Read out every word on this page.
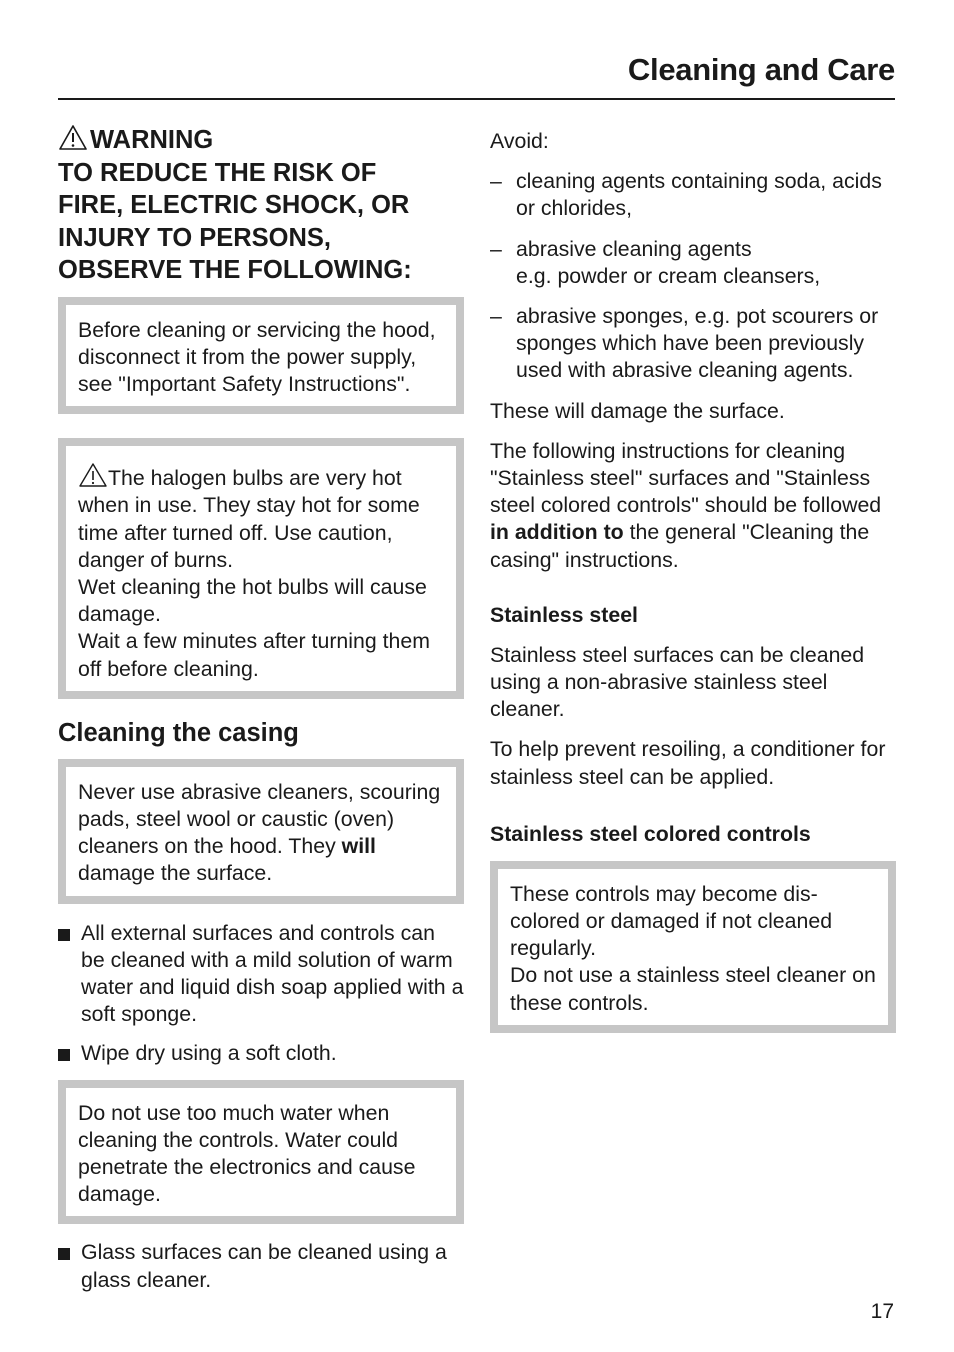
Cleaning and Care
WARNING
TO REDUCE THE RISK OF
FIRE, ELECTRIC SHOCK, OR
INJURY TO PERSONS,
OBSERVE THE FOLLOWING:

Before cleaning or servicing the hood, disconnect it from the power supply, see "Important Safety Instructions".

The halogen bulbs are very hot when in use. They stay hot for some time after turned off. Use caution, danger of burns.

Wet cleaning the hot bulbs will cause damage.

Wait a few minutes after turning them off before cleaning.

Cleaning the casing

Never use abrasive cleaners, scouring pads, steel wool or caustic (oven) cleaners on the hood. They will damage the surface.

All external surfaces and controls can be cleaned with a mild solution of warm water and liquid dish soap applied with a soft sponge.
Wipe dry using a soft cloth.

Do not use too much water when cleaning the controls. Water could penetrate the electronics and cause damage.

Glass surfaces can be cleaned using a glass cleaner.

Avoid:

– cleaning agents containing soda, acids or chlorides,
– abrasive cleaning agents
e.g. powder or cream cleansers,
– abrasive sponges, e.g. pot scourers or sponges which have been previously used with abrasive cleaning agents.

These will damage the surface.

The following instructions for cleaning "Stainless steel" surfaces and "Stainless steel colored controls" should be followed in addition to the general "Cleaning the casing" instructions.

Stainless steel

Stainless steel surfaces can be cleaned using a non-abrasive stainless steel cleaner.

To help prevent resoiling, a conditioner for stainless steel can be applied.

Stainless steel colored controls

These controls may become dis-
colored or damaged if not cleaned regularly.

Do not use a stainless steel cleaner on these controls.

17
